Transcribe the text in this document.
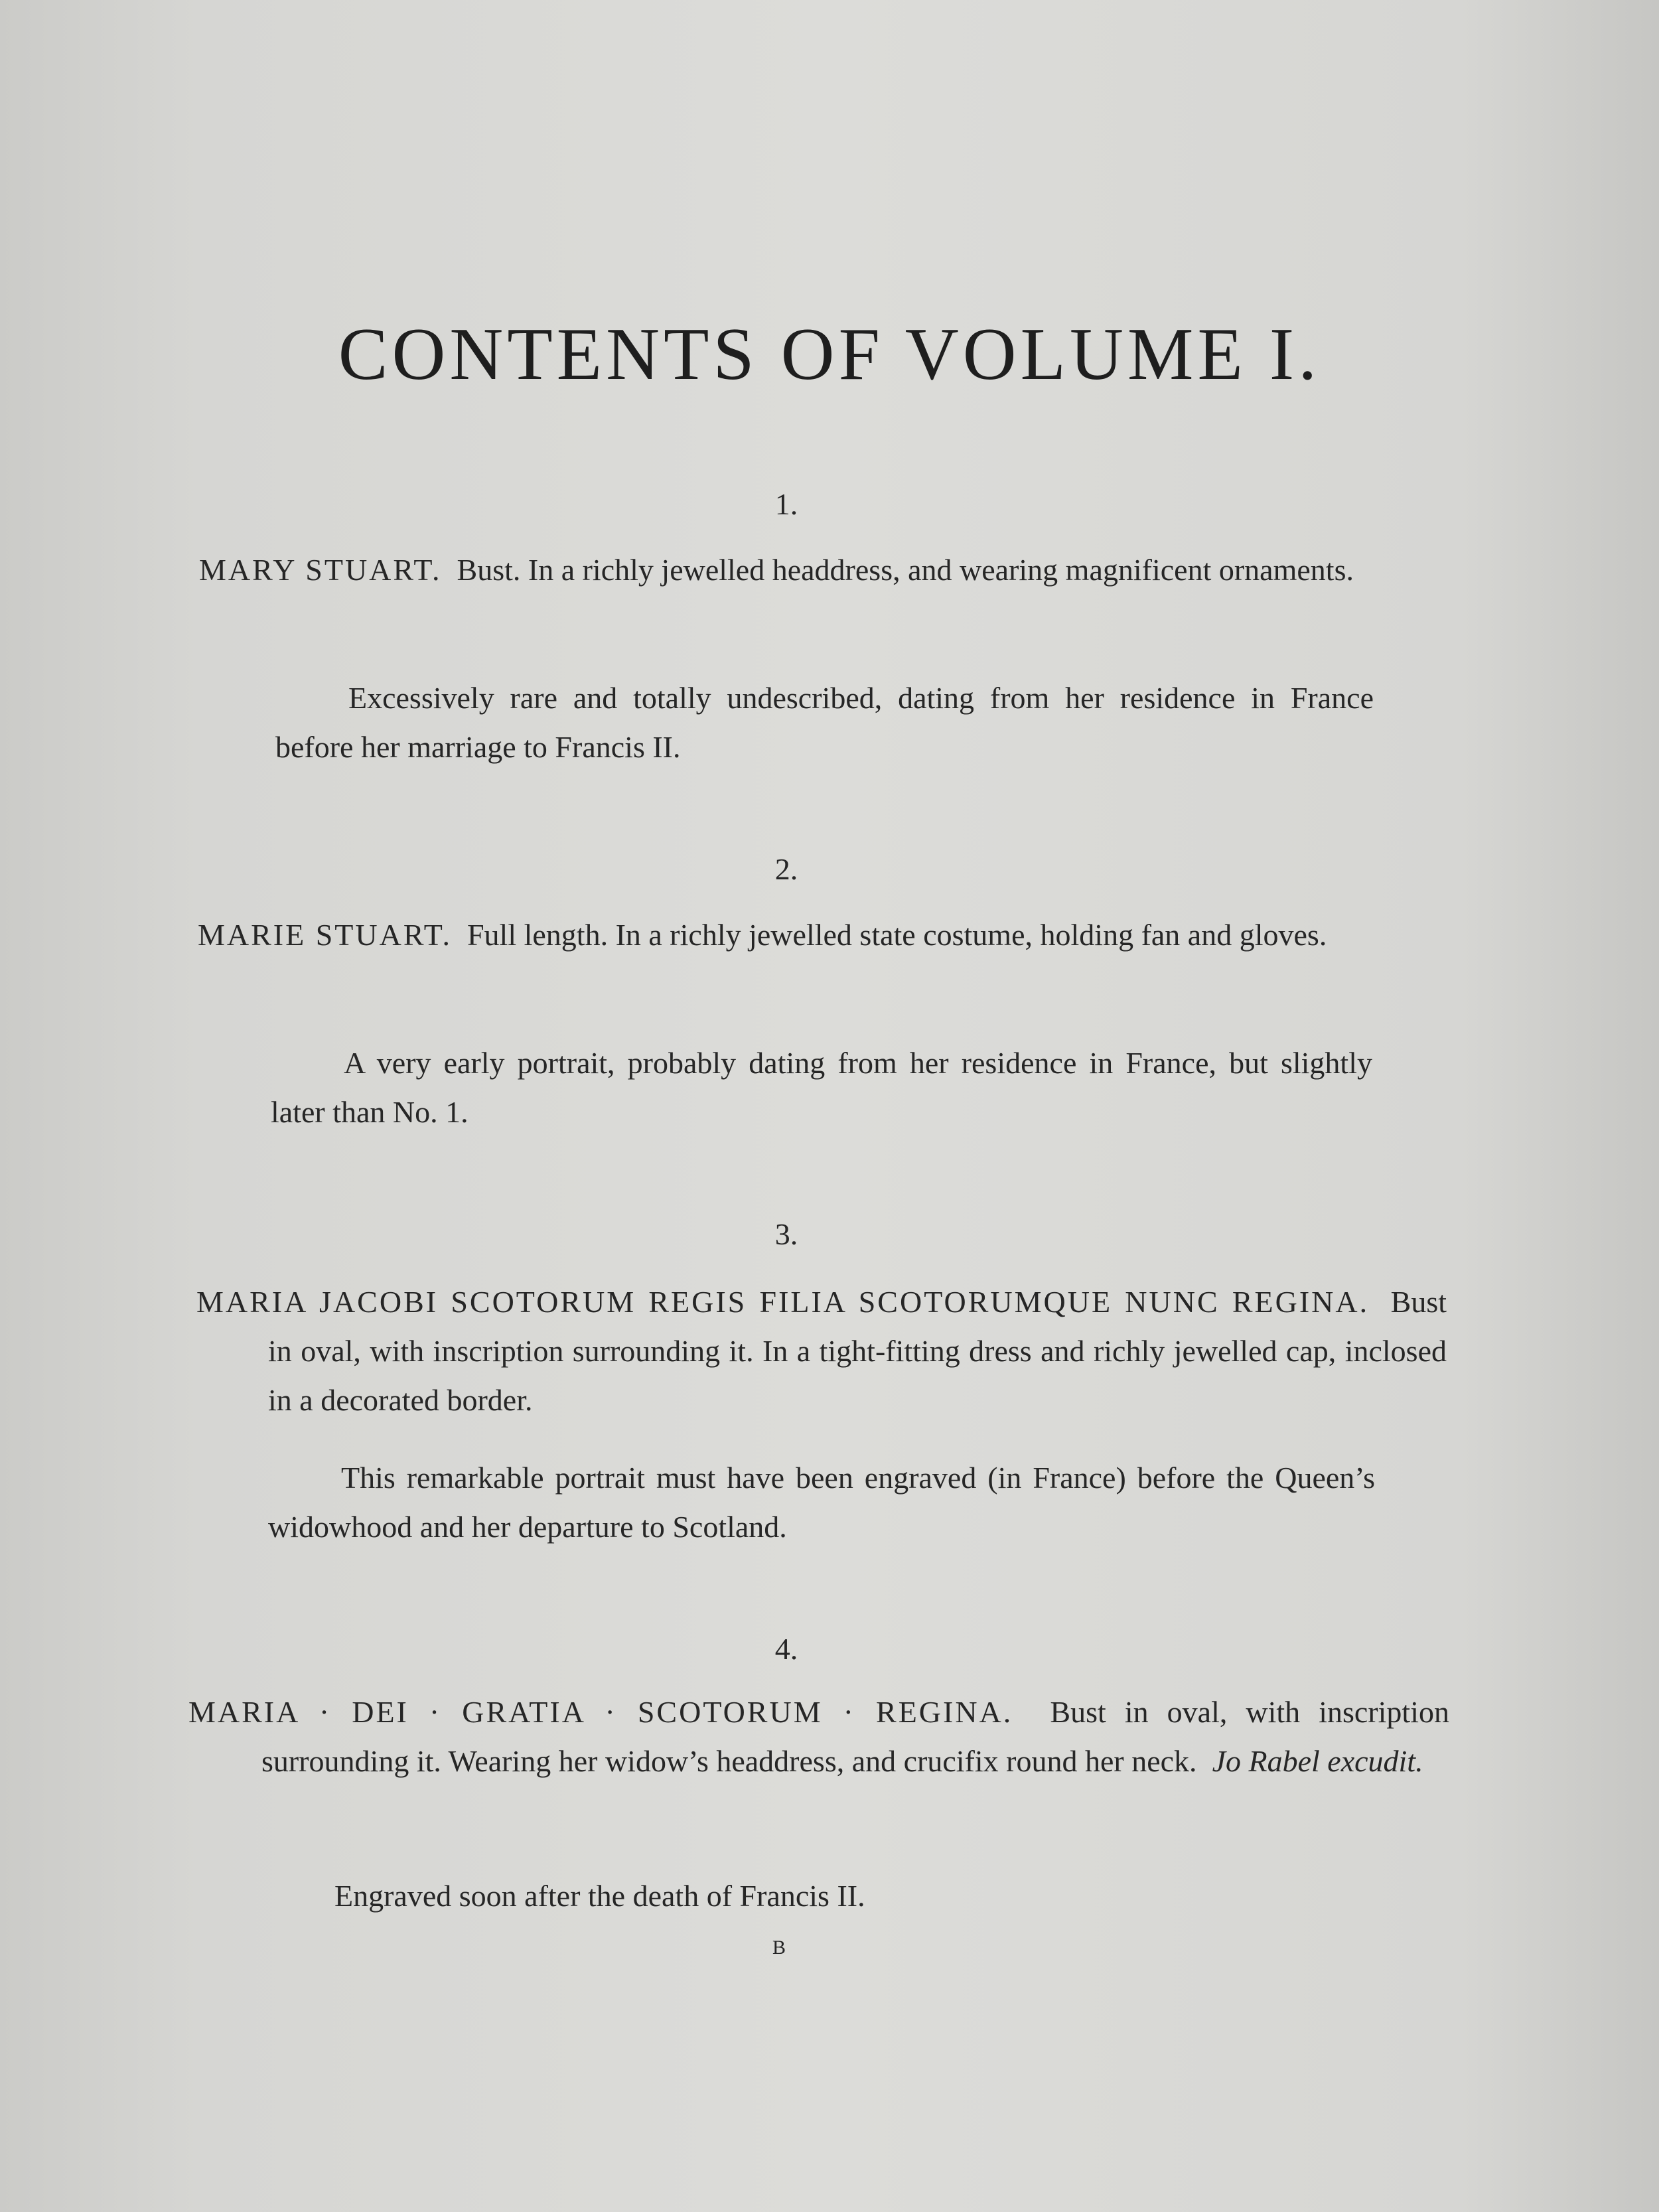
CONTENTS OF VOLUME I.
1.
MARY STUART. Bust. In a richly jewelled headdress, and wearing magnificent ornaments.
Excessively rare and totally undescribed, dating from her residence in France before her marriage to Francis II.
2.
MARIE STUART. Full length. In a richly jewelled state costume, holding fan and gloves.
A very early portrait, probably dating from her residence in France, but slightly later than No. 1.
3.
MARIA JACOBI SCOTORUM REGIS FILIA SCOTORUMQUE NUNC REGINA. Bust in oval, with inscription surrounding it. In a tight-fitting dress and richly jewelled cap, inclosed in a decorated border.
This remarkable portrait must have been engraved (in France) before the Queen’s widowhood and her departure to Scotland.
4.
MARIA · DEI · GRATIA · SCOTORUM · REGINA. Bust in oval, with inscription surrounding it. Wearing her widow’s headdress, and crucifix round her neck. Jo Rabel excudit.
Engraved soon after the death of Francis II.
B
